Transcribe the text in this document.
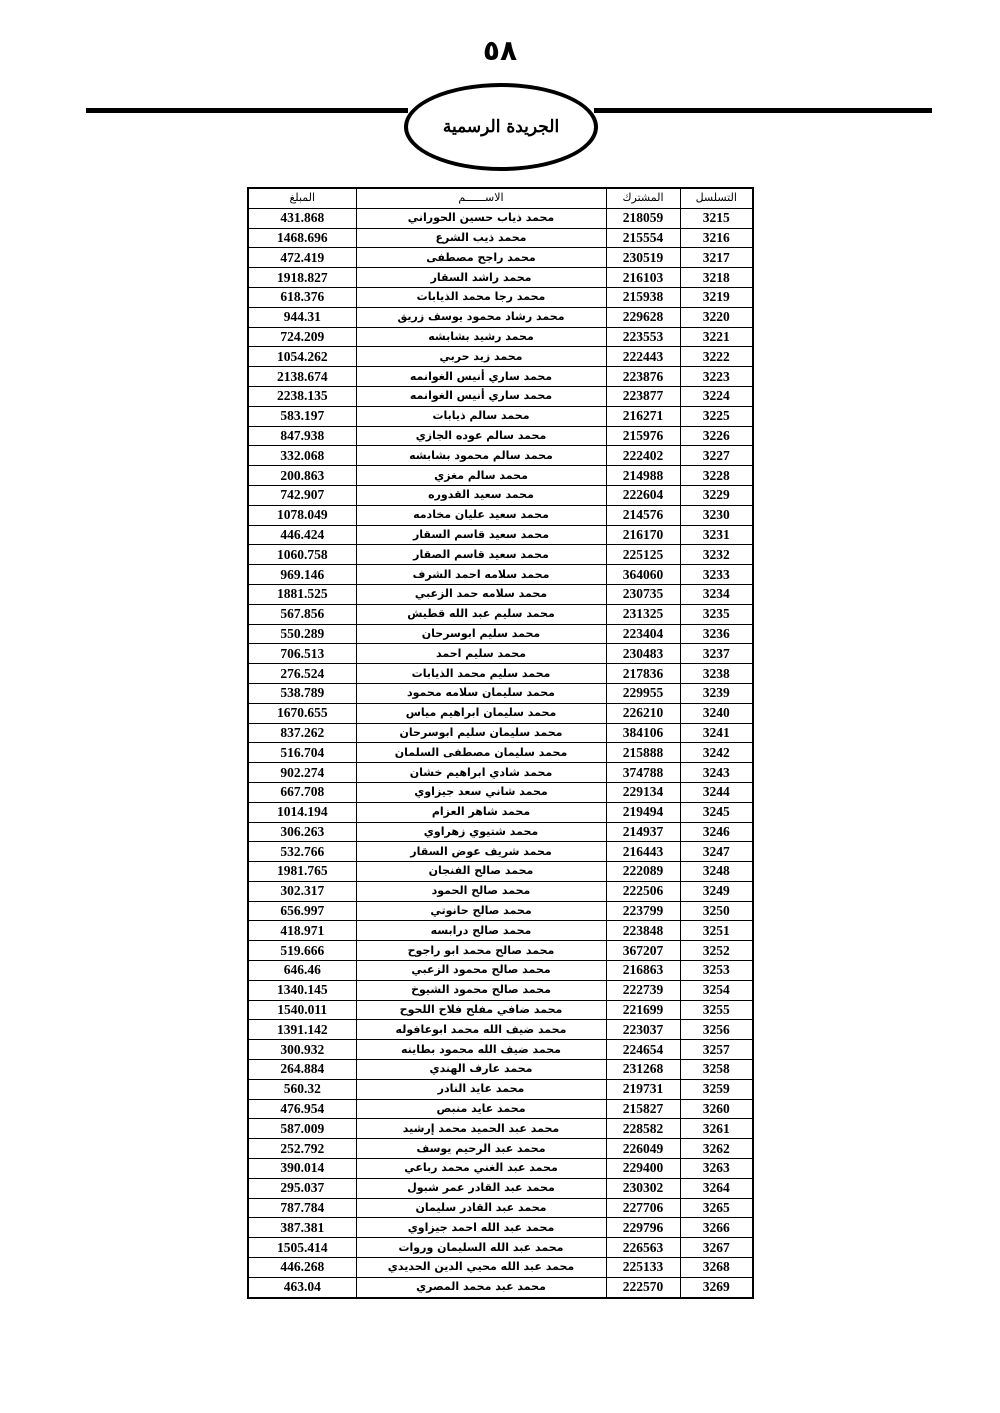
٥٨
الجريدة الرسمية
المبلغ	الاســــــم	المشترك	التسلسل
431.868	محمد ذياب حسين الحوراني	218059	3215
1468.696	محمد ذيب الشرع	215554	3216
472.419	محمد راجح مصطفى	230519	3217
1918.827	محمد راشد السقار	216103	3218
618.376	محمد رجا محمد الذيابات	215938	3219
944.31	محمد رشاد محمود يوسف زريق	229628	3220
724.209	محمد رشيد بشابشه	223553	3221
1054.262	محمد زيد حربي	222443	3222
2138.674	محمد ساري أنيس الغوانمه	223876	3223
2238.135	محمد ساري أنيس الغوانمه	223877	3224
583.197	محمد سالم ذيابات	216271	3225
847.938	محمد سالم عوده الجازي	215976	3226
332.068	محمد سالم محمود بشابشه	222402	3227
200.863	محمد سالم مغزي	214988	3228
742.907	محمد سعيد القدوره	222604	3229
1078.049	محمد سعيد عليان مخادمه	214576	3230
446.424	محمد سعيد قاسم السقار	216170	3231
1060.758	محمد سعيد قاسم الصقار	225125	3232
969.146	محمد سلامه احمد الشرف	364060	3233
1881.525	محمد سلامه حمد الزعبي	230735	3234
567.856	محمد سليم عبد الله قطيش	231325	3235
550.289	محمد سليم ابوسرحان	223404	3236
706.513	محمد سليم احمد	230483	3237
276.524	محمد سليم محمد الذيابات	217836	3238
538.789	محمد سليمان سلامه محمود	229955	3239
1670.655	محمد سليمان ابراهيم مياس	226210	3240
837.262	محمد سليمان سليم ابوسرحان	384106	3241
516.704	محمد سليمان مصطفى السلمان	215888	3242
902.274	محمد شادي ابراهيم خشان	374788	3243
667.708	محمد شاني سعد جيزاوي	229134	3244
1014.194	محمد شاهر العزام	219494	3245
306.263	محمد شتيوي زهراوي	214937	3246
532.766	محمد شريف عوض السقار	216443	3247
1981.765	محمد صالح الفنجان	222089	3248
302.317	محمد صالح الحمود	222506	3249
656.997	محمد صالح حانوتي	223799	3250
418.971	محمد صالح درابسه	223848	3251
519.666	محمد صالح محمد ابو راجوح	367207	3252
646.46	محمد صالح محمود الزعبي	216863	3253
1340.145	محمد صالح محمود الشيوخ	222739	3254
1540.011	محمد ضافي مفلح فلاح اللحوح	221699	3255
1391.142	محمد ضيف الله محمد ابوعافوله	223037	3256
300.932	محمد ضيف الله محمود بطاينه	224654	3257
264.884	محمد عارف الهندي	231268	3258
560.32	محمد عايد النادر	219731	3259
476.954	محمد عايد منبص	215827	3260
587.009	محمد عبد الحميد محمد إرشيد	228582	3261
252.792	محمد عبد الرحيم يوسف	226049	3262
390.014	محمد عبد الغني محمد رباعي	229400	3263
295.037	محمد عبد القادر عمر شبول	230302	3264
787.784	محمد عبد القادر سليمان	227706	3265
387.381	محمد عبد الله احمد جيزاوي	229796	3266
1505.414	محمد عبد الله السليمان وروات	226563	3267
446.268	محمد عبد الله محيي الدين الحديدي	225133	3268
463.04	محمد عبد محمد المصري	222570	3269
